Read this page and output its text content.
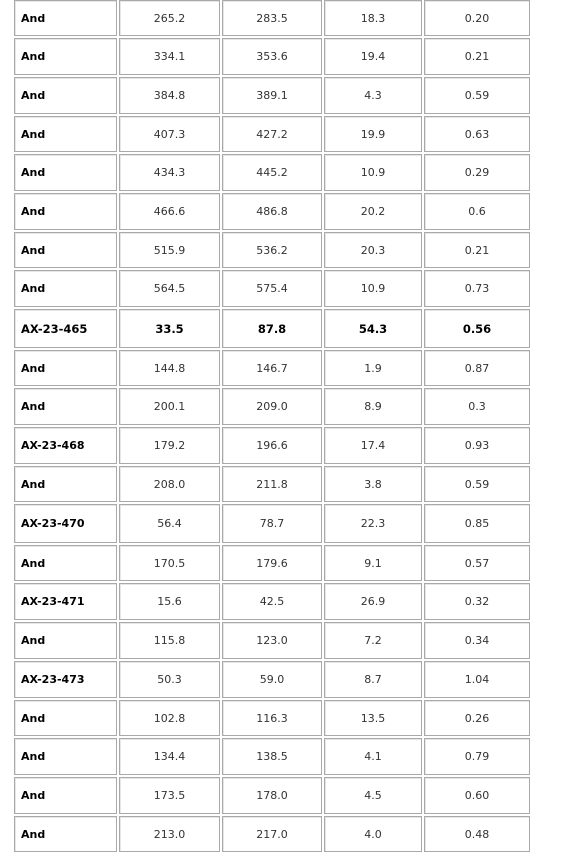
And	265.2	283.5	18.3	0.20
And	334.1	353.6	19.4	0.21
And	384.8	389.1	4.3	0.59
And	407.3	427.2	19.9	0.63
And	434.3	445.2	10.9	0.29
And	466.6	486.8	20.2	0.6
And	515.9	536.2	20.3	0.21
And	564.5	575.4	10.9	0.73
AX-23-465	33.5	87.8	54.3	0.56
And	144.8	146.7	1.9	0.87
And	200.1	209.0	8.9	0.3
AX-23-468	179.2	196.6	17.4	0.93
And	208.0	211.8	3.8	0.59
AX-23-470	56.4	78.7	22.3	0.85
And	170.5	179.6	9.1	0.57
AX-23-471	15.6	42.5	26.9	0.32
And	115.8	123.0	7.2	0.34
AX-23-473	50.3	59.0	8.7	1.04
And	102.8	116.3	13.5	0.26
And	134.4	138.5	4.1	0.79
And	173.5	178.0	4.5	0.60
And	213.0	217.0	4.0	0.48
